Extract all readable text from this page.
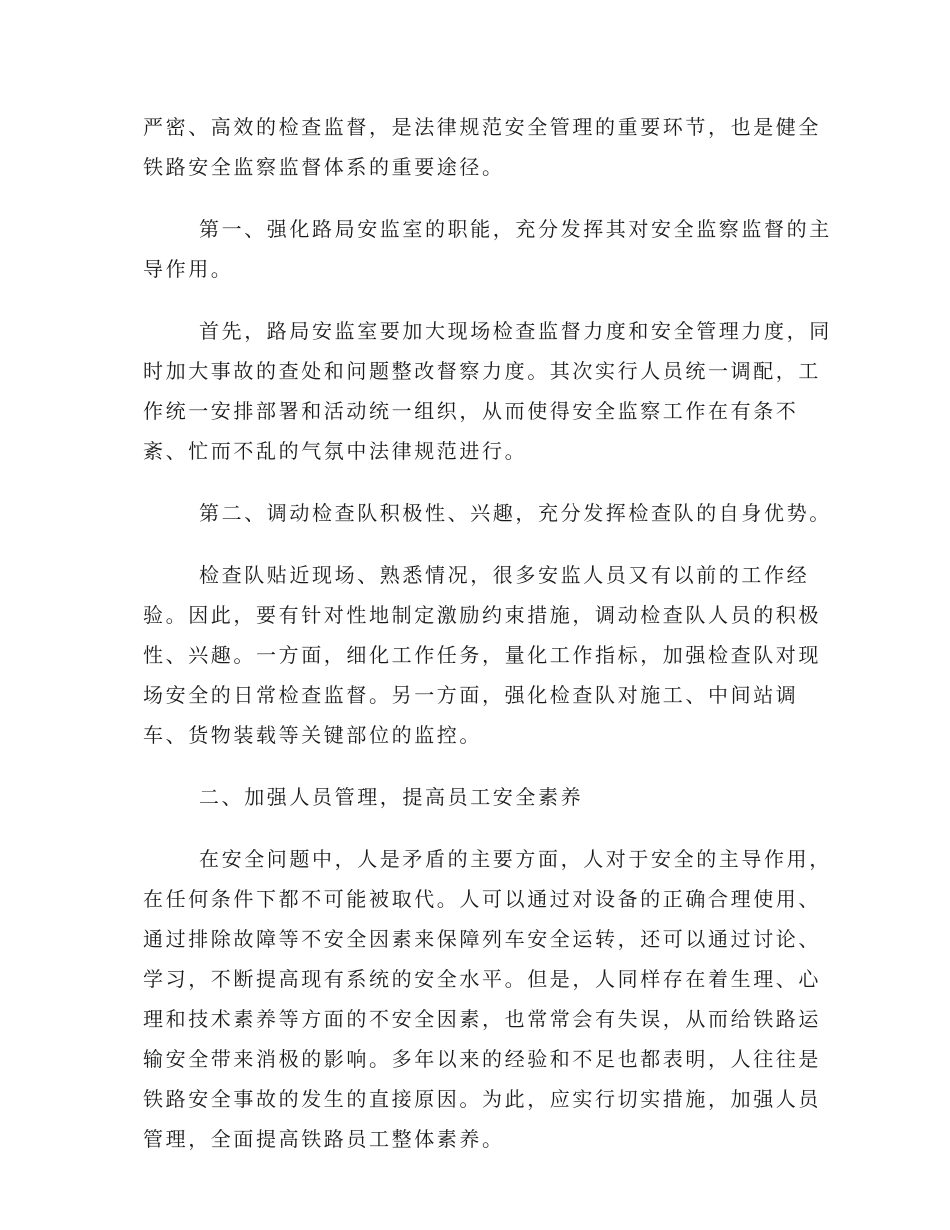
严密、高效的检查监督，是法律规范安全管理的重要环节，也是健全
铁路安全监察监督体系的重要途径。
第一、强化路局安监室的职能，充分发挥其对安全监察监督的主
导作用。
首先，路局安监室要加大现场检查监督力度和安全管理力度，同
时加大事故的查处和问题整改督察力度。其次实行人员统一调配，工
作统一安排部署和活动统一组织，从而使得安全监察工作在有条不
紊、忙而不乱的气氛中法律规范进行。
第二、调动检查队积极性、兴趣，充分发挥检查队的自身优势。
检查队贴近现场、熟悉情况，很多安监人员又有以前的工作经
验。因此，要有针对性地制定激励约束措施，调动检查队人员的积极
性、兴趣。一方面，细化工作任务，量化工作指标，加强检查队对现
场安全的日常检查监督。另一方面，强化检查队对施工、中间站调
车、货物装载等关键部位的监控。
二、加强人员管理，提高员工安全素养
在安全问题中，人是矛盾的主要方面，人对于安全的主导作用，
在任何条件下都不可能被取代。人可以通过对设备的正确合理使用、
通过排除故障等不安全因素来保障列车安全运转，还可以通过讨论、
学习，不断提高现有系统的安全水平。但是，人同样存在着生理、心
理和技术素养等方面的不安全因素，也常常会有失误，从而给铁路运
输安全带来消极的影响。多年以来的经验和不足也都表明，人往往是
铁路安全事故的发生的直接原因。为此，应实行切实措施，加强人员
管理，全面提高铁路员工整体素养。
